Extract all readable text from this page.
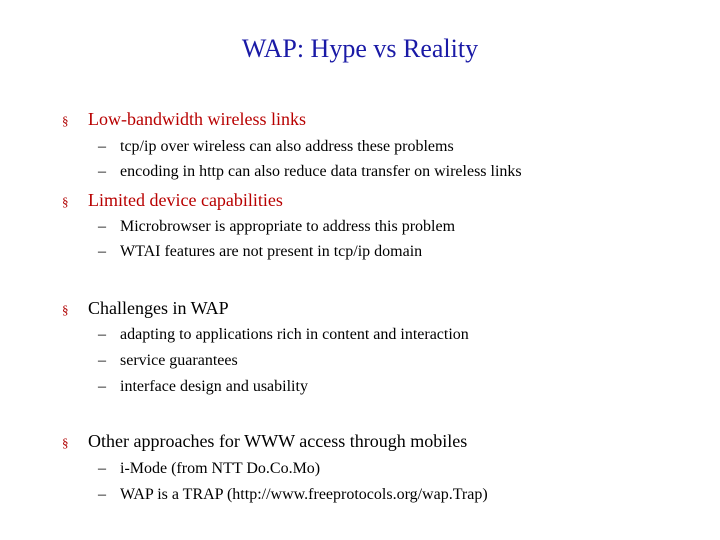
WAP: Hype vs Reality
§ Low-bandwidth wireless links
– tcp/ip over wireless can also address these problems
– encoding in http can also reduce data transfer on wireless links
§ Limited device capabilities
– Microbrowser is appropriate to address this problem
– WTAI features are not present in tcp/ip domain
§ Challenges in WAP
– adapting to applications rich in content and interaction
– service guarantees
– interface design and usability
§ Other approaches for WWW access through mobiles
– i-Mode (from NTT Do.Co.Mo)
– WAP is a TRAP (http://www.freeprotocols.org/wap.Trap)
